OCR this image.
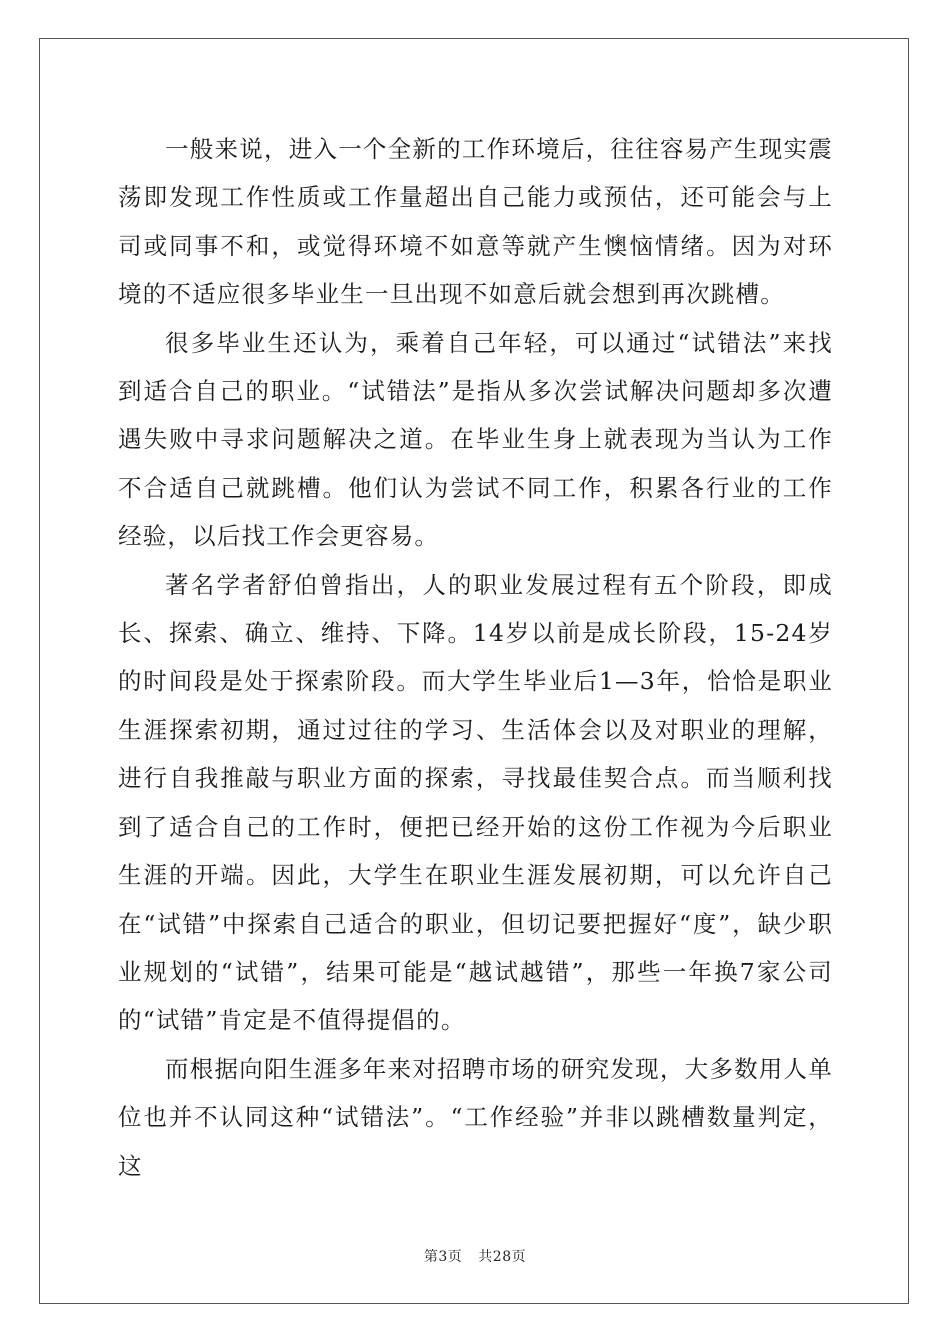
一般来说，进入一个全新的工作环境后，往往容易产生现实震荡即发现工作性质或工作量超出自己能力或预估，还可能会与上司或同事不和，或觉得环境不如意等就产生懊恼情绪。因为对环境的不适应很多毕业生一旦出现不如意后就会想到再次跳槽。

很多毕业生还认为，乘着自己年轻，可以通过“试错法”来找到适合自己的职业。“试错法”是指从多次尝试解决问题却多次遭遇失败中寻求问题解决之道。在毕业生身上就表现为当认为工作不合适自己就跳槽。他们认为尝试不同工作，积累各行业的工作经验，以后找工作会更容易。

著名学者舒伯曾指出，人的职业发展过程有五个阶段，即成长、探索、确立、维持、下降。14岁以前是成长阶段，15-24岁的时间段是处于探索阶段。而大学生毕业后1—3年，恰恰是职业生涯探索初期，通过过往的学习、生活体会以及对职业的理解，进行自我推敲与职业方面的探索，寻找最佳契合点。而当顺利找到了适合自己的工作时，便把已经开始的这份工作视为今后职业生涯的开端。因此，大学生在职业生涯发展初期，可以允许自己在“试错”中探索自己适合的职业，但切记要把握好“度”，缺少职业规划的“试错”，结果可能是“越试越错”，那些一年换7家公司的“试错”肯定是不值得提倡的。

而根据向阳生涯多年来对招聘市场的研究发现，大多数用人单位也并不认同这种“试错法”。“工作经验”并非以跳槽数量判定，这

第3页 共28页
